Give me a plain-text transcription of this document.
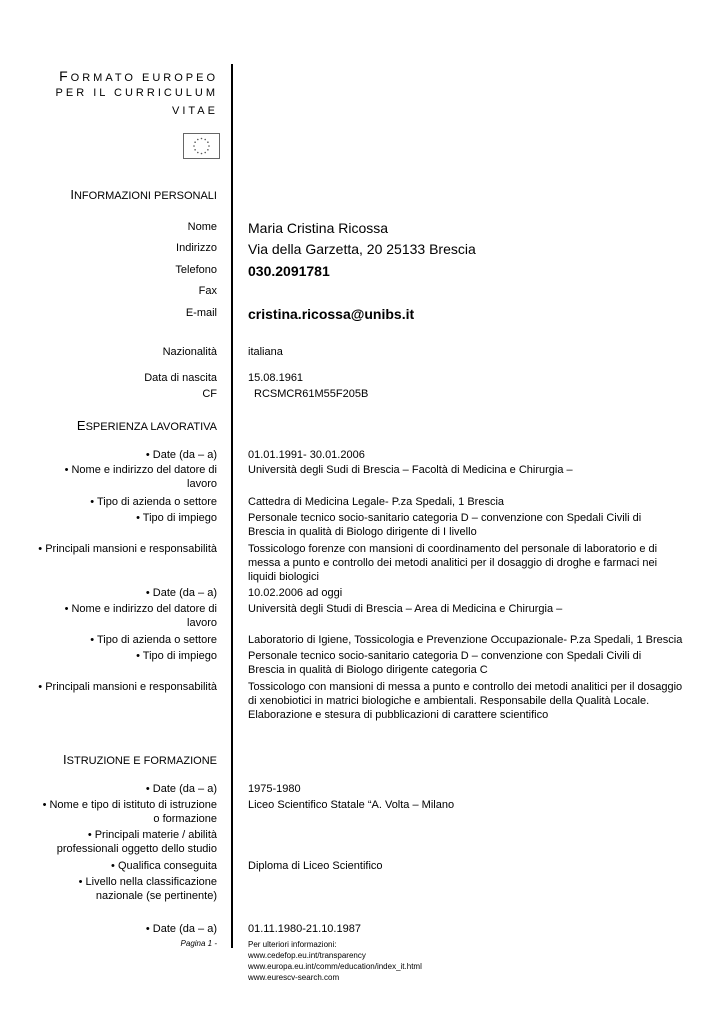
FORMATO EUROPEO
PER IL CURRICULUM
VITAE
INFORMAZIONI PERSONALI
Nome Maria Cristina Ricossa
Indirizzo Via della Garzetta, 20 25133 Brescia
Telefono 030.2091781
Fax
E-mail cristina.ricossa@unibs.it
Nazionalità	italiana
Data di nascita	15.08.1961
CF	RCSMCR61M55F205B
ESPERIENZA LAVORATIVA
• Date (da – a)	01.01.1991- 30.01.2006
• Nome e indirizzo del datore di
lavoro
Università degli Sudi di Brescia – Facoltà di Medicina e Chirurgia –
• Tipo di azienda o settore	Cattedra di Medicina Legale- P.za Spedali, 1 Brescia
• Tipo di impiego	Personale tecnico socio-sanitario categoria D – convenzione con Spedali Civili di Brescia in qualità di Biologo dirigente di I livello
• Principali mansioni e responsabilità	Tossicologo forenze con mansioni di coordinamento del personale di laboratorio e di messa a punto e controllo dei metodi analitici per il dosaggio di droghe e farmaci nei liquidi biologici
• Date (da – a)	10.02.2006 ad oggi
• Nome e indirizzo del datore di
lavoro
Università degli Studi di Brescia – Area di Medicina e Chirurgia –
• Tipo di azienda o settore	Laboratorio di Igiene, Tossicologia e Prevenzione Occupazionale- P.za Spedali, 1 Brescia
• Tipo di impiego	Personale tecnico socio-sanitario categoria D – convenzione con Spedali Civili di Brescia in qualità di Biologo dirigente categoria C
• Principali mansioni e responsabilità	Tossicologo con mansioni di messa a punto e controllo dei metodi analitici per il dosaggio di xenobiotici in matrici biologiche e ambientali. Responsabile della Qualità Locale. Elaborazione e stesura di pubblicazioni di carattere scientifico
ISTRUZIONE E FORMAZIONE
• Date (da – a)	1975-1980
• Nome e tipo di istituto di istruzione
o formazione
Liceo Scientifico Statale “A. Volta – Milano
• Principali materie / abilità
professionali oggetto dello studio
• Qualifica conseguita	Diploma di Liceo Scientifico
• Livello nella classificazione
nazionale (se pertinente)
• Date (da – a)	01.11.1980-21.10.1987
Pagina 1 -	Per ulteriori informazioni:
www.cedefop.eu.int/transparency
www.europa.eu.int/comm/education/index_it.html
www.eurescv-search.com
